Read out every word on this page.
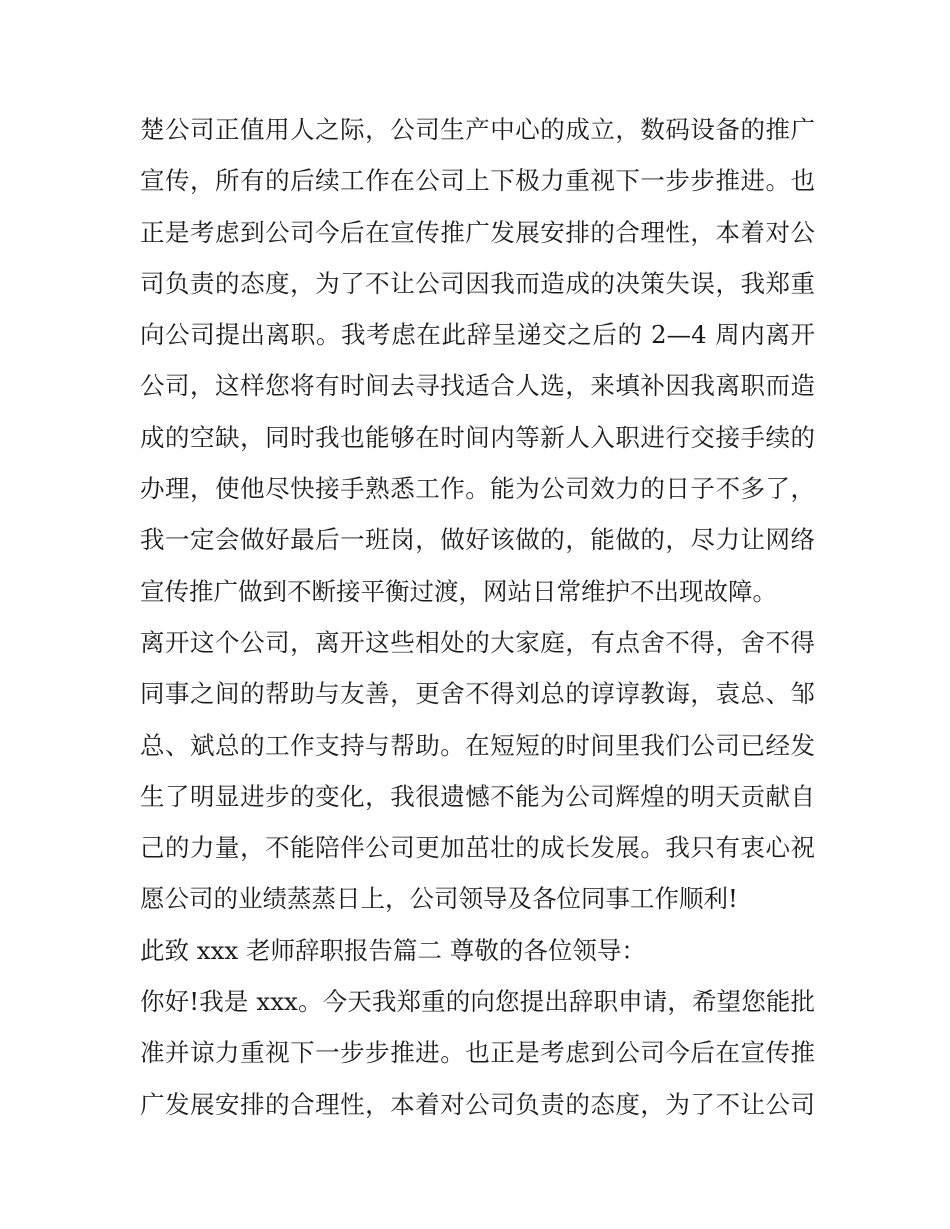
楚公司正值用人之际，公司生产中心的成立，数码设备的推广
宣传，所有的后续工作在公司上下极力重视下一步步推进。也
正是考虑到公司今后在宣传推广发展安排的合理性，本着对公
司负责的态度，为了不让公司因我而造成的决策失误，我郑重
向公司提出离职。我考虑在此辞呈递交之后的 2—4 周内离开
公司，这样您将有时间去寻找适合人选，来填补因我离职而造
成的空缺，同时我也能够在时间内等新人入职进行交接手续的
办理，使他尽快接手熟悉工作。能为公司效力的日子不多了，
我一定会做好最后一班岗，做好该做的，能做的，尽力让网络
宣传推广做到不断接平衡过渡，网站日常维护不出现故障。
离开这个公司，离开这些相处的大家庭，有点舍不得，舍不得
同事之间的帮助与友善，更舍不得刘总的谆谆教诲，袁总、邹
总、斌总的工作支持与帮助。在短短的时间里我们公司已经发
生了明显进步的变化，我很遗憾不能为公司辉煌的明天贡献自
己的力量，不能陪伴公司更加茁壮的成长发展。我只有衷心祝
愿公司的业绩蒸蒸日上，公司领导及各位同事工作顺利!
此致 xxx 老师辞职报告篇二 尊敬的各位领导：
你好!我是 xxx。今天我郑重的向您提出辞职申请，希望您能批
准并谅力重视下一步步推进。也正是考虑到公司今后在宣传推
广发展安排的合理性，本着对公司负责的态度，为了不让公司
